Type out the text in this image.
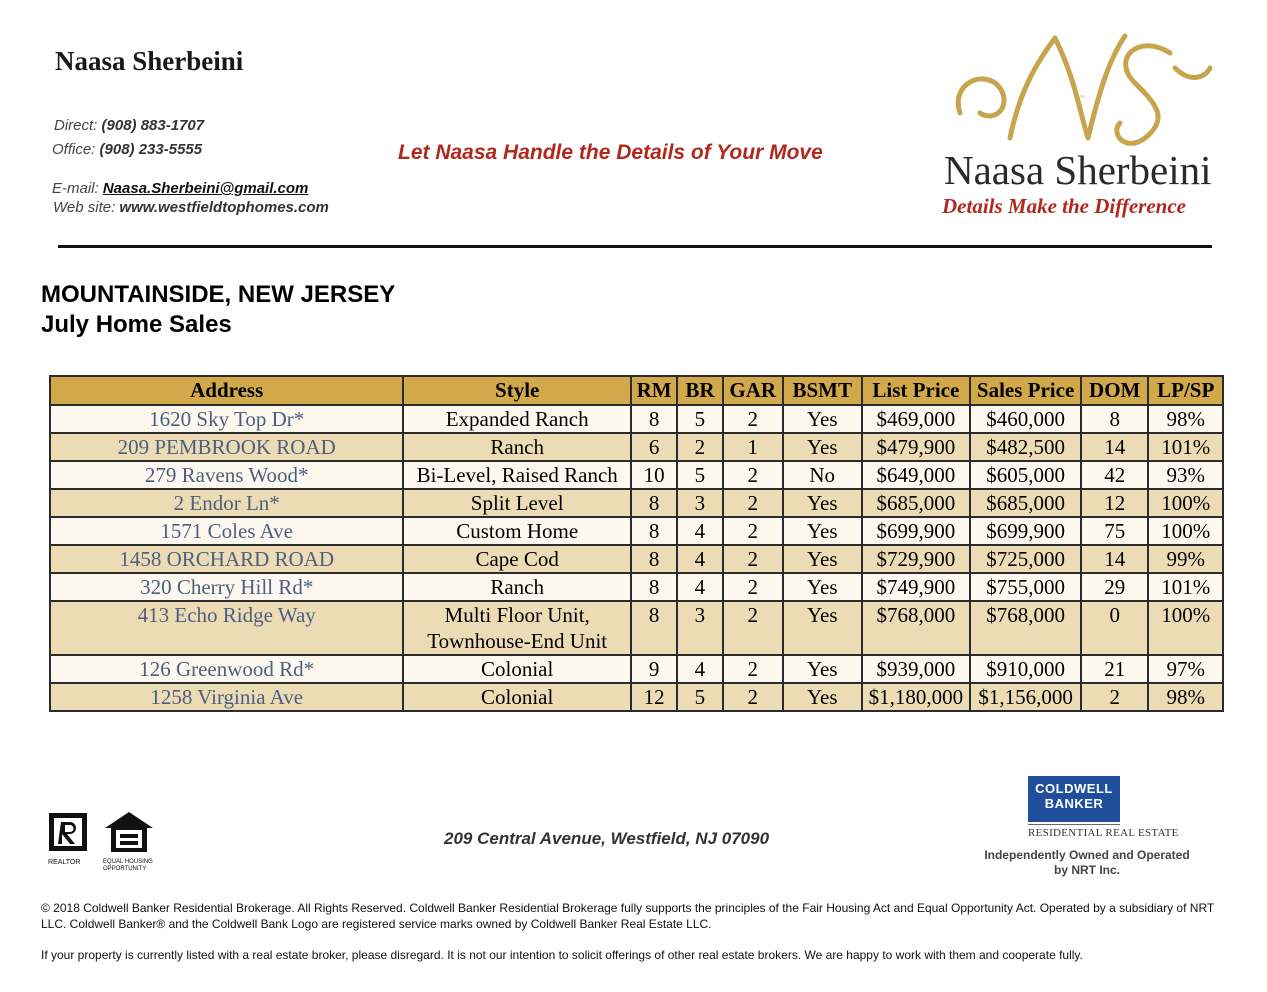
Naasa Sherbeini
Direct: (908) 883-1707
Office: (908) 233-5555
E-mail: Naasa.Sherbeini@gmail.com
Web site: www.westfieldtophomes.com
Let Naasa Handle the Details of Your Move
NS
Naasa Sherbeini
Details Make the Difference
MOUNTAINSIDE, NEW JERSEY
July Home Sales
Address	Style	RM	BR	GAR	BSMT	List Price	Sales Price	DOM	LP/SP
1620 Sky Top Dr*	Expanded Ranch	8	5	2	Yes	$469,000	$460,000	8	98%
209 PEMBROOK ROAD	Ranch	6	2	1	Yes	$479,900	$482,500	14	101%
279 Ravens Wood*	Bi-Level, Raised Ranch	10	5	2	No	$649,000	$605,000	42	93%
2 Endor Ln*	Split Level	8	3	2	Yes	$685,000	$685,000	12	100%
1571 Coles Ave	Custom Home	8	4	2	Yes	$699,900	$699,900	75	100%
1458 ORCHARD ROAD	Cape Cod	8	4	2	Yes	$729,900	$725,000	14	99%
320 Cherry Hill Rd*	Ranch	8	4	2	Yes	$749,900	$755,000	29	101%
413 Echo Ridge Way	Multi Floor Unit, Townhouse-End Unit	8	3	2	Yes	$768,000	$768,000	0	100%
126 Greenwood Rd*	Colonial	9	4	2	Yes	$939,000	$910,000	21	97%
1258 Virginia Ave	Colonial	12	5	2	Yes	$1,180,000	$1,156,000	2	98%
REALTOR	EQUAL HOUSING OPPORTUNITY
209 Central Avenue, Westfield, NJ 07090
COLDWELL
BANKER
RESIDENTIAL REAL ESTATE
Independently Owned and Operated by NRT Inc.
© 2018 Coldwell Banker Residential Brokerage. All Rights Reserved. Coldwell Banker Residential Brokerage fully supports the principles of the Fair Housing Act and Equal Opportunity Act. Operated by a subsidiary of NRT LLC. Coldwell Banker® and the Coldwell Bank Logo are registered service marks owned by Coldwell Banker Real Estate LLC.
If your property is currently listed with a real estate broker, please disregard. It is not our intention to solicit offerings of other real estate brokers. We are happy to work with them and cooperate fully.
